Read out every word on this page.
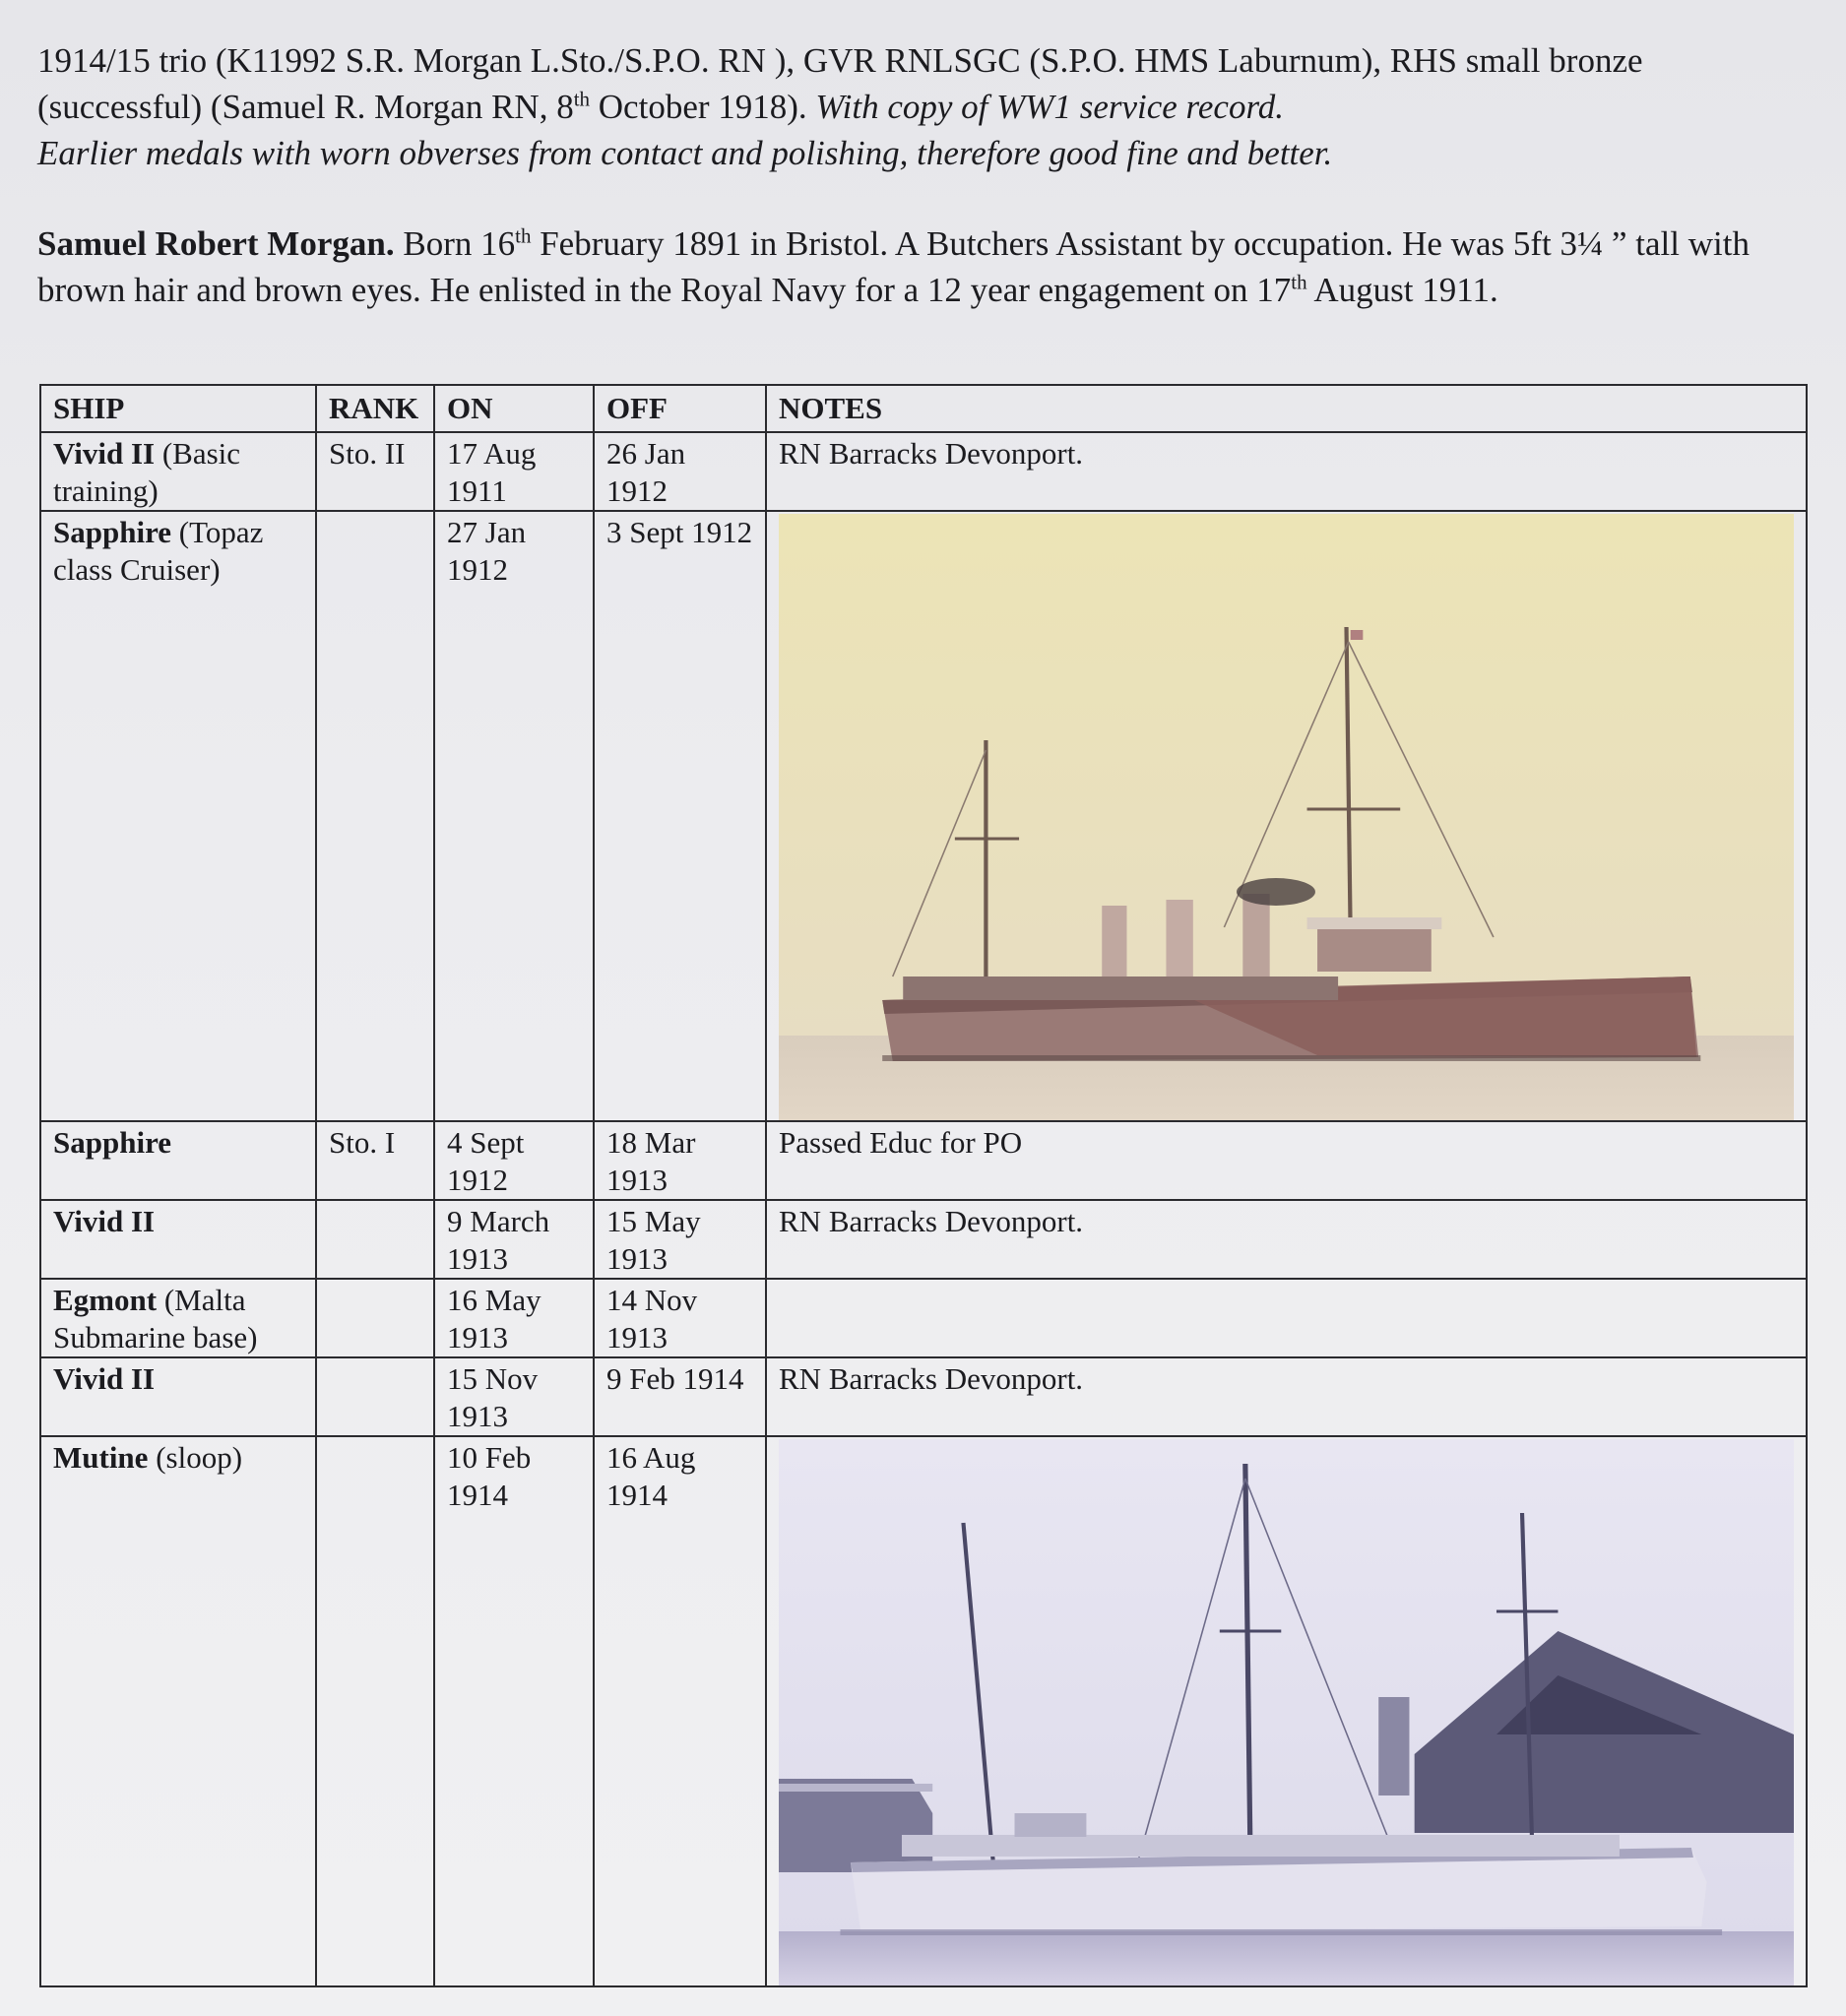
1914/15 trio (K11992 S.R. Morgan L.Sto./S.P.O. RN ), GVR RNLSGC (S.P.O. HMS Laburnum), RHS small bronze (successful) (Samuel R. Morgan RN, 8th October 1918). With copy of WW1 service record.
Earlier medals with worn obverses from contact and polishing, therefore good fine and better.
Samuel Robert Morgan. Born 16th February 1891 in Bristol. A Butchers Assistant by occupation. He was 5ft 3¼ ” tall with brown hair and brown eyes. He enlisted in the Royal Navy for a 12 year engagement on 17th August 1911.
SHIP	RANK	ON	OFF	NOTES
Vivid II (Basic training)	Sto. II	17 Aug 1911	26 Jan 1912	RN Barracks Devonport.
Sapphire (Topaz class Cruiser)		27 Jan 1912	3 Sept 1912	

Sapphire	Sto. I	4 Sept 1912	18 Mar 1913	Passed Educ for PO
Vivid II		9 March 1913	15 May 1913	RN Barracks Devonport.
Egmont (Malta Submarine base)		16 May 1913	14 Nov 1913	
Vivid II		15 Nov 1913	9 Feb 1914	RN Barracks Devonport.
Mutine (sloop)		10 Feb 1914	16 Aug 1914	
